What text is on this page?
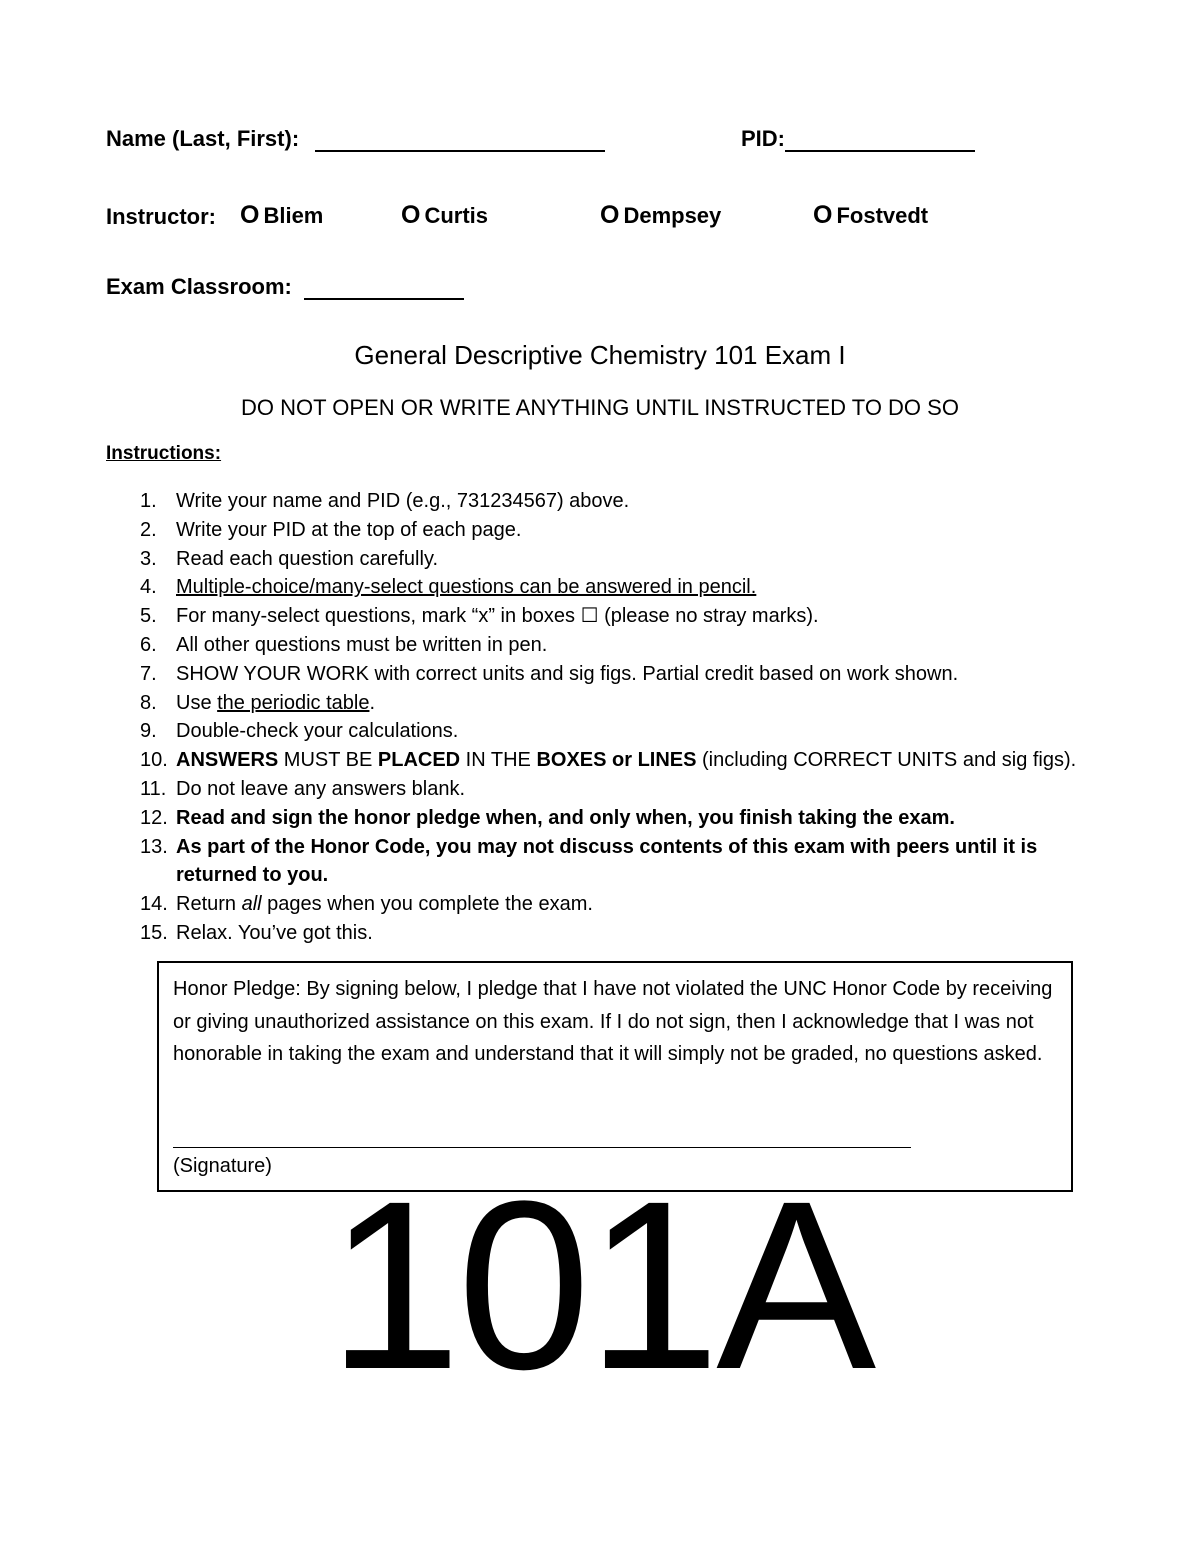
Name (Last, First):	PID:
Instructor: O Bliem	O Curtis	O Dempsey	O Fostvedt
Exam Classroom:
General Descriptive Chemistry 101 Exam I
DO NOT OPEN OR WRITE ANYTHING UNTIL INSTRUCTED TO DO SO
Instructions:
1. Write your name and PID (e.g., 731234567) above.
2. Write your PID at the top of each page.
3. Read each question carefully.
4. Multiple-choice/many-select questions can be answered in pencil.
5. For many-select questions, mark “x” in boxes ☐ (please no stray marks).
6. All other questions must be written in pen.
7. SHOW YOUR WORK with correct units and sig figs. Partial credit based on work shown.
8. Use the periodic table.
9. Double-check your calculations.
10. ANSWERS MUST BE PLACED IN THE BOXES or LINES (including CORRECT UNITS and sig figs).
11. Do not leave any answers blank.
12. Read and sign the honor pledge when, and only when, you finish taking the exam.
13. As part of the Honor Code, you may not discuss contents of this exam with peers until it is returned to you.
14. Return all pages when you complete the exam.
15. Relax. You’ve got this.
Honor Pledge: By signing below, I pledge that I have not violated the UNC Honor Code by receiving or giving unauthorized assistance on this exam. If I do not sign, then I acknowledge that I was not honorable in taking the exam and understand that it will simply not be graded, no questions asked.
(Signature) 101A
